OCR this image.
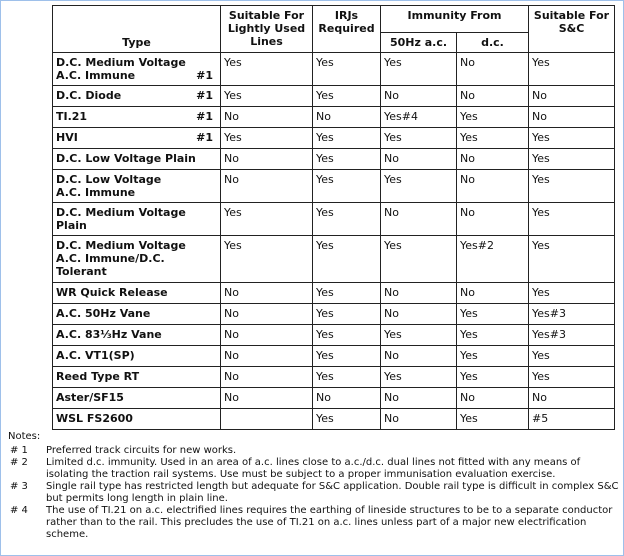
Type	Suitable For Lightly Used Lines	IRJs Required	Immunity From		Suitable For S&C
			50Hz a.c.	d.c.	

D.C. Medium Voltage
#1
A.C. Immune	Yes	Yes	Yes	No	Yes

#1
D.C. Diode	Yes	Yes	No	No	No

#1
TI.21	No	No	Yes#4	Yes	No

#1
HVI	Yes	Yes	Yes	Yes	Yes
D.C. Low Voltage Plain	No	Yes	No	No	Yes
D.C. Low Voltage
A.C. Immune	No	Yes	Yes	No	Yes
D.C. Medium Voltage
Plain	Yes	Yes	No	No	Yes
D.C. Medium Voltage
A.C. Immune/D.C.
Tolerant	Yes	Yes	Yes	Yes#2	Yes
WR Quick Release	No	Yes	No	No	Yes
A.C. 50Hz Vane	No	Yes	No	Yes	Yes#3
A.C. 83⅓Hz Vane	No	Yes	Yes	Yes	Yes#3
A.C. VT1(SP)	No	Yes	No	Yes	Yes
Reed Type RT	No	Yes	Yes	Yes	Yes
Aster/SF15	No	No	No	No	No
WSL FS2600		Yes	No	Yes	#5
Notes:
# 1	Preferred track circuits for new works.
# 2	Limited d.c. immunity. Used in an area of a.c. lines close to a.c./d.c. dual lines not fitted with any means of isolating the traction rail systems. Use must be subject to a proper immunisation evaluation exercise.
# 3	Single rail type has restricted length but adequate for S&C application. Double rail type is difficult in complex S&C but permits long length in plain line.
# 4	The use of TI.21 on a.c. electrified lines requires the earthing of lineside structures to be to a separate conductor rather than to the rail. This precludes the use of TI.21 on a.c. lines unless part of a major new electrification scheme.
